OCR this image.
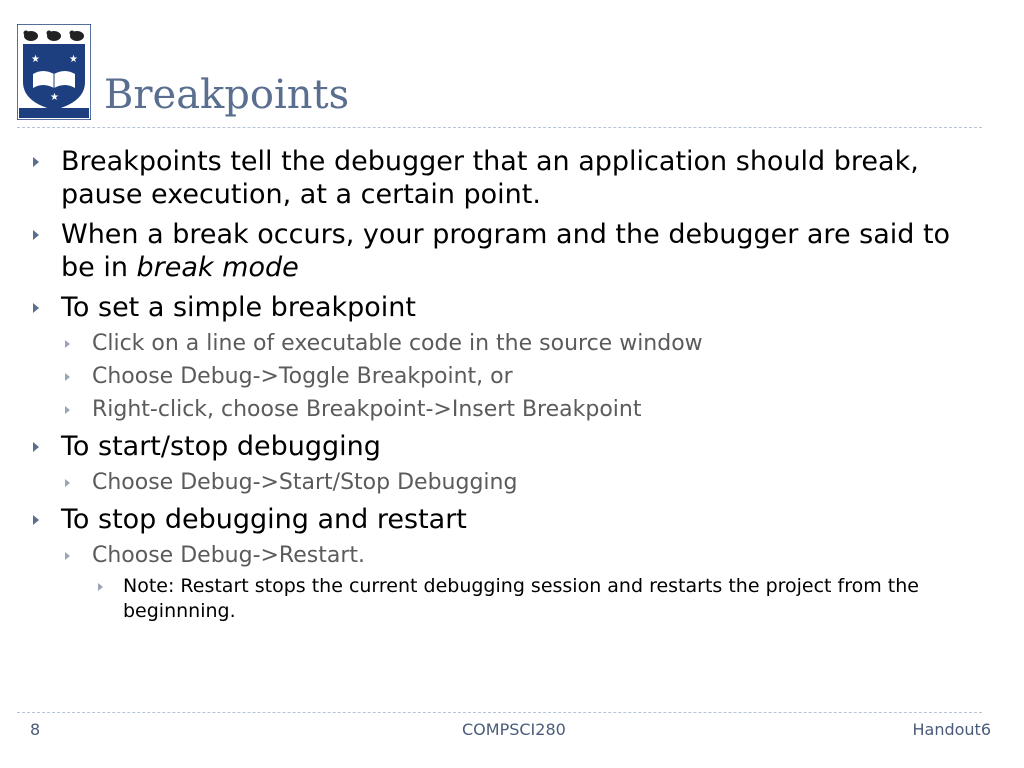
★	★
★ Breakpoints
Breakpoints tell the debugger that an application should break, pause execution, at a certain point.
When a break occurs, your program and the debugger are said to be in break mode
To set a simple breakpoint
Click on a line of executable code in the source window
Choose Debug->Toggle Breakpoint, or
Right-click, choose Breakpoint->Insert Breakpoint
To start/stop debugging
Choose Debug->Start/Stop Debugging
To stop debugging and restart
Choose Debug->Restart.
Note: Restart stops the current debugging session and restarts the project from the beginnning.
8	COMPSCI280	Handout6
